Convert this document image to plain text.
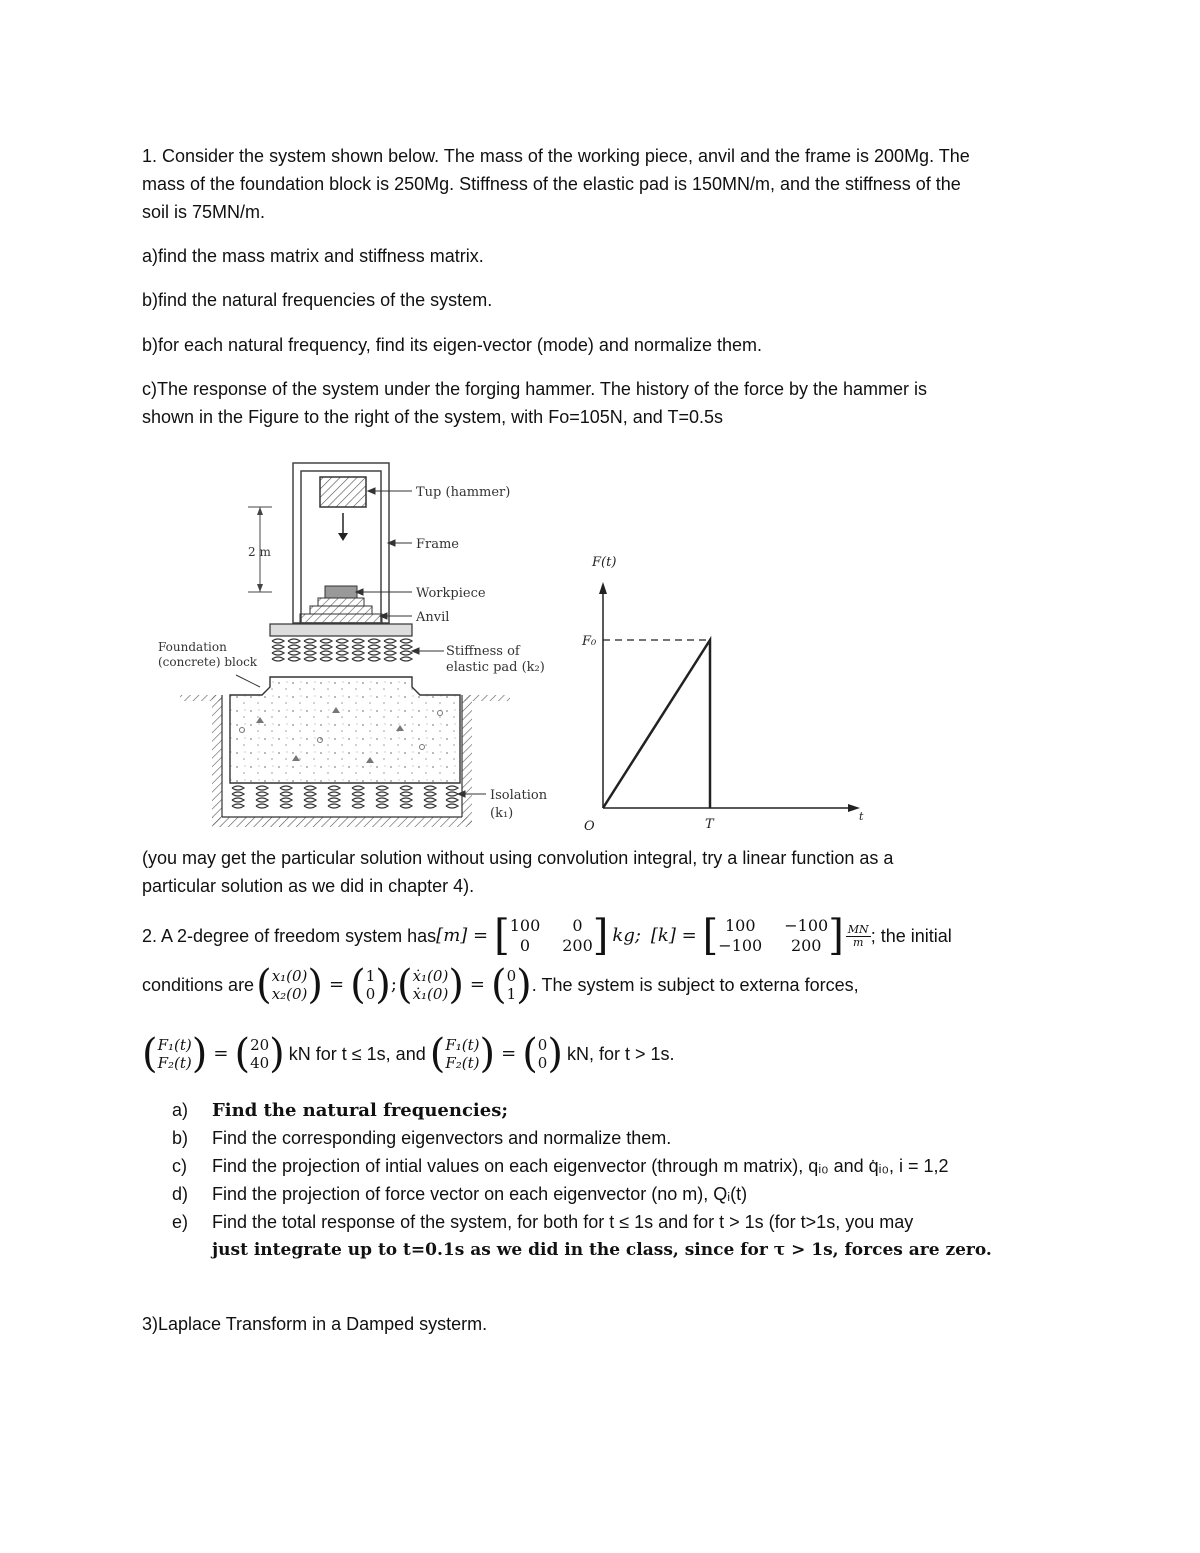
1. Consider the system shown below. The mass of the working piece, anvil and the frame is 200Mg. The
mass of the foundation block is 250Mg. Stiffness of the elastic pad is 150MN/m, and the stiffness of the
soil is 75MN/m.
a)find the mass matrix and stiffness matrix.
b)find the natural frequencies of the system.
b)for each natural frequency, find its eigen-vector (mode) and normalize them.
c)The response of the system under the forging hammer. The history of the force by the hammer is
shown in the Figure to the right of the system, with Fo=105N, and T=0.5s
2 m
Tup (hammer)
Frame
Workpiece
Anvil
Foundation
(concrete) block
Stiffness of
elastic pad (k₂)
Isolation
(k₁)
F(t)
F₀
O	T
t
(you may get the particular solution without using convolution integral, try a linear function as a
particular solution as we did in chapter 4).
2. A 2-degree of freedom system has [m] = [ 100	0
0	200 ] kg; [k] = [ 100	−100
−100	200 ] $\frac{MN}{m}$ ; the initial
conditions are ( x₁(0)
x₂(0) ) = ( 1
0 ) ; ( ẋ₁(0)
ẋ₁(0) ) = ( 0
1 ) . The system is subject to externa forces,
( F₁(t)
F₂(t) ) = ( 20
40 ) kN for t ≤ 1s, and ( F₁(t)
F₂(t) ) = ( 0
0 ) kN, for t > 1s.
a) Find the natural frequencies;
b) Find the corresponding eigenvectors and normalize them.
c) Find the projection of intial values on each eigenvector (through m matrix), qᵢ₀ and q̇ᵢ₀, i = 1,2
d) Find the projection of force vector on each eigenvector (no m), Qᵢ(t)
e) Find the total response of the system, for both for t ≤ 1s and for t > 1s (for t>1s, you may
just integrate up to t=0.1s as we did in the class, since for τ > 1s, forces are zero.
3)Laplace Transform in a Damped systerm.
